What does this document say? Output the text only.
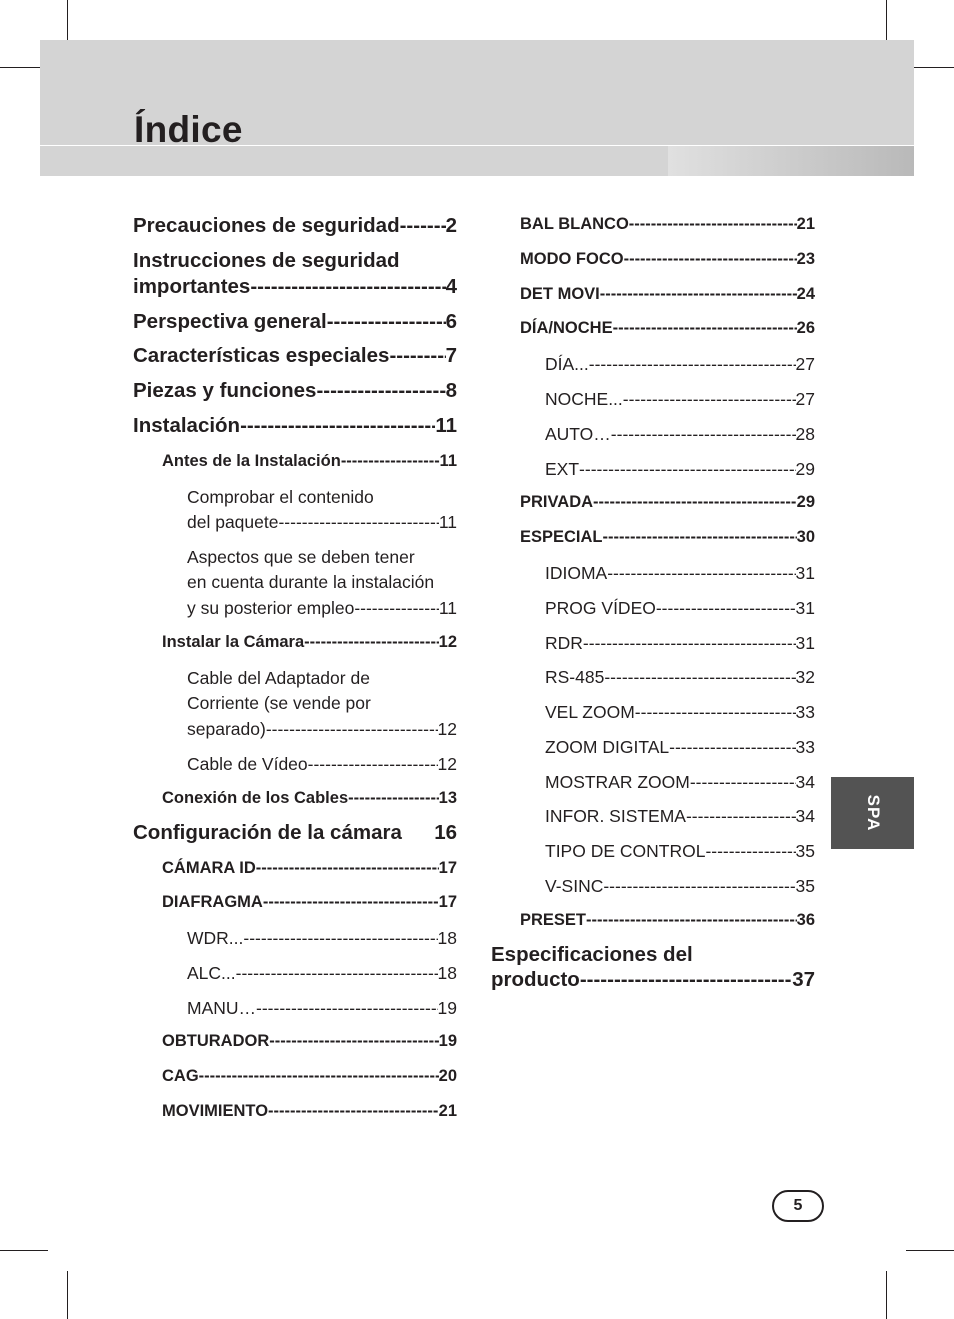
Índice
SPA
Precauciones de seguridad ----- 2
Instrucciones de seguridad
importantes -----	4
Perspectiva general -----	6
Características especiales -----	7
Piezas y funciones -----	8
Instalación -----	11
Antes de la Instalación -----	11
Comprobar el contenido
del paquete -----	11
Aspectos que se deben tener
en cuenta durante la instalación
y su posterior empleo -----	11
Instalar la Cámara -----	12
Cable del Adaptador de
Corriente (se vende por
separado) -----	12
Cable de Vídeo -----	12
Conexión de los Cables -----	13
Configuración de la cámara 16
CÁMARA ID -----	17
DIAFRAGMA -----	17
WDR... -----	18
ALC... -----	18
MANU… -----	19
OBTURADOR -----	19
CAG -----	20
MOVIMIENTO -----	21
BAL BLANCO -----	21
MODO FOCO -----	23
DET MOVI -----	24
DÍA/NOCHE -----	26
DÍA... -----	27
NOCHE... -----	27
AUTO… -----	28
EXT -----	29
PRIVADA -----	29
ESPECIAL -----	30
IDIOMA -----	31
PROG VÍDEO -----	31
RDR -----	31
RS-485 -----	32
VEL ZOOM -----	33
ZOOM DIGITAL -----	33
MOSTRAR ZOOM -----	34
INFOR. SISTEMA -----	34
TIPO DE CONTROL -----	35
V-SINC -----	35
PRESET -----	36
Especificaciones del
producto -----	37
5
